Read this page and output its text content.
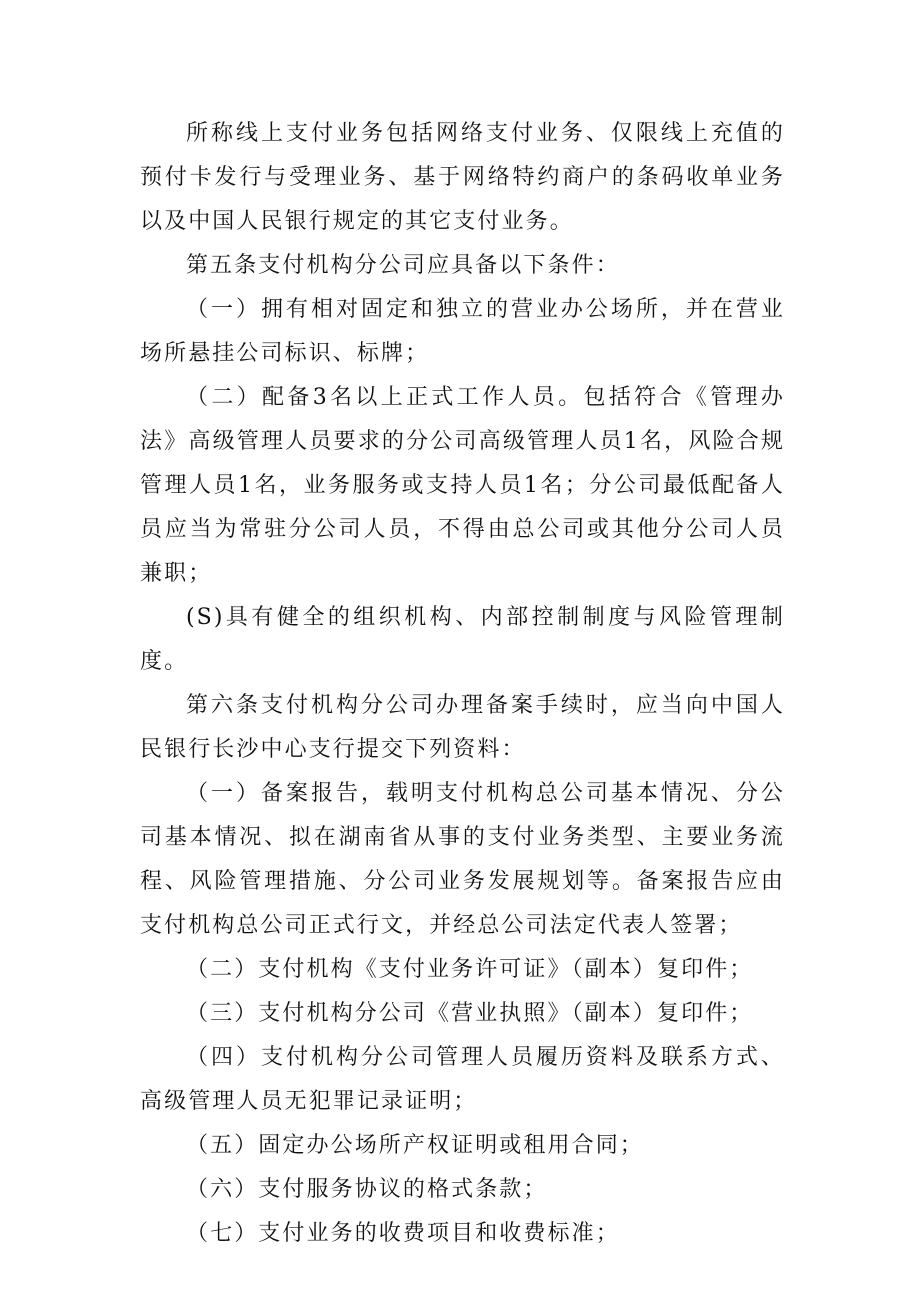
所称线上支付业务包括网络支付业务、仅限线上充值的预付卡发行与受理业务、基于网络特约商户的条码收单业务以及中国人民银行规定的其它支付业务。

第五条支付机构分公司应具备以下条件：

（一）拥有相对固定和独立的营业办公场所，并在营业场所悬挂公司标识、标牌；

（二）配备3名以上正式工作人员。包括符合《管理办法》高级管理人员要求的分公司高级管理人员1名，风险合规管理人员1名，业务服务或支持人员1名；分公司最低配备人员应当为常驻分公司人员，不得由总公司或其他分公司人员兼职；

(S)具有健全的组织机构、内部控制制度与风险管理制度。

第六条支付机构分公司办理备案手续时，应当向中国人民银行长沙中心支行提交下列资料：

（一）备案报告，载明支付机构总公司基本情况、分公司基本情况、拟在湖南省从事的支付业务类型、主要业务流程、风险管理措施、分公司业务发展规划等。备案报告应由支付机构总公司正式行文，并经总公司法定代表人签署；

（二）支付机构《支付业务许可证》（副本）复印件；

（三）支付机构分公司《营业执照》（副本）复印件；

（四）支付机构分公司管理人员履历资料及联系方式、高级管理人员无犯罪记录证明；

（五）固定办公场所产权证明或租用合同；

（六）支付服务协议的格式条款；

（七）支付业务的收费项目和收费标准；
